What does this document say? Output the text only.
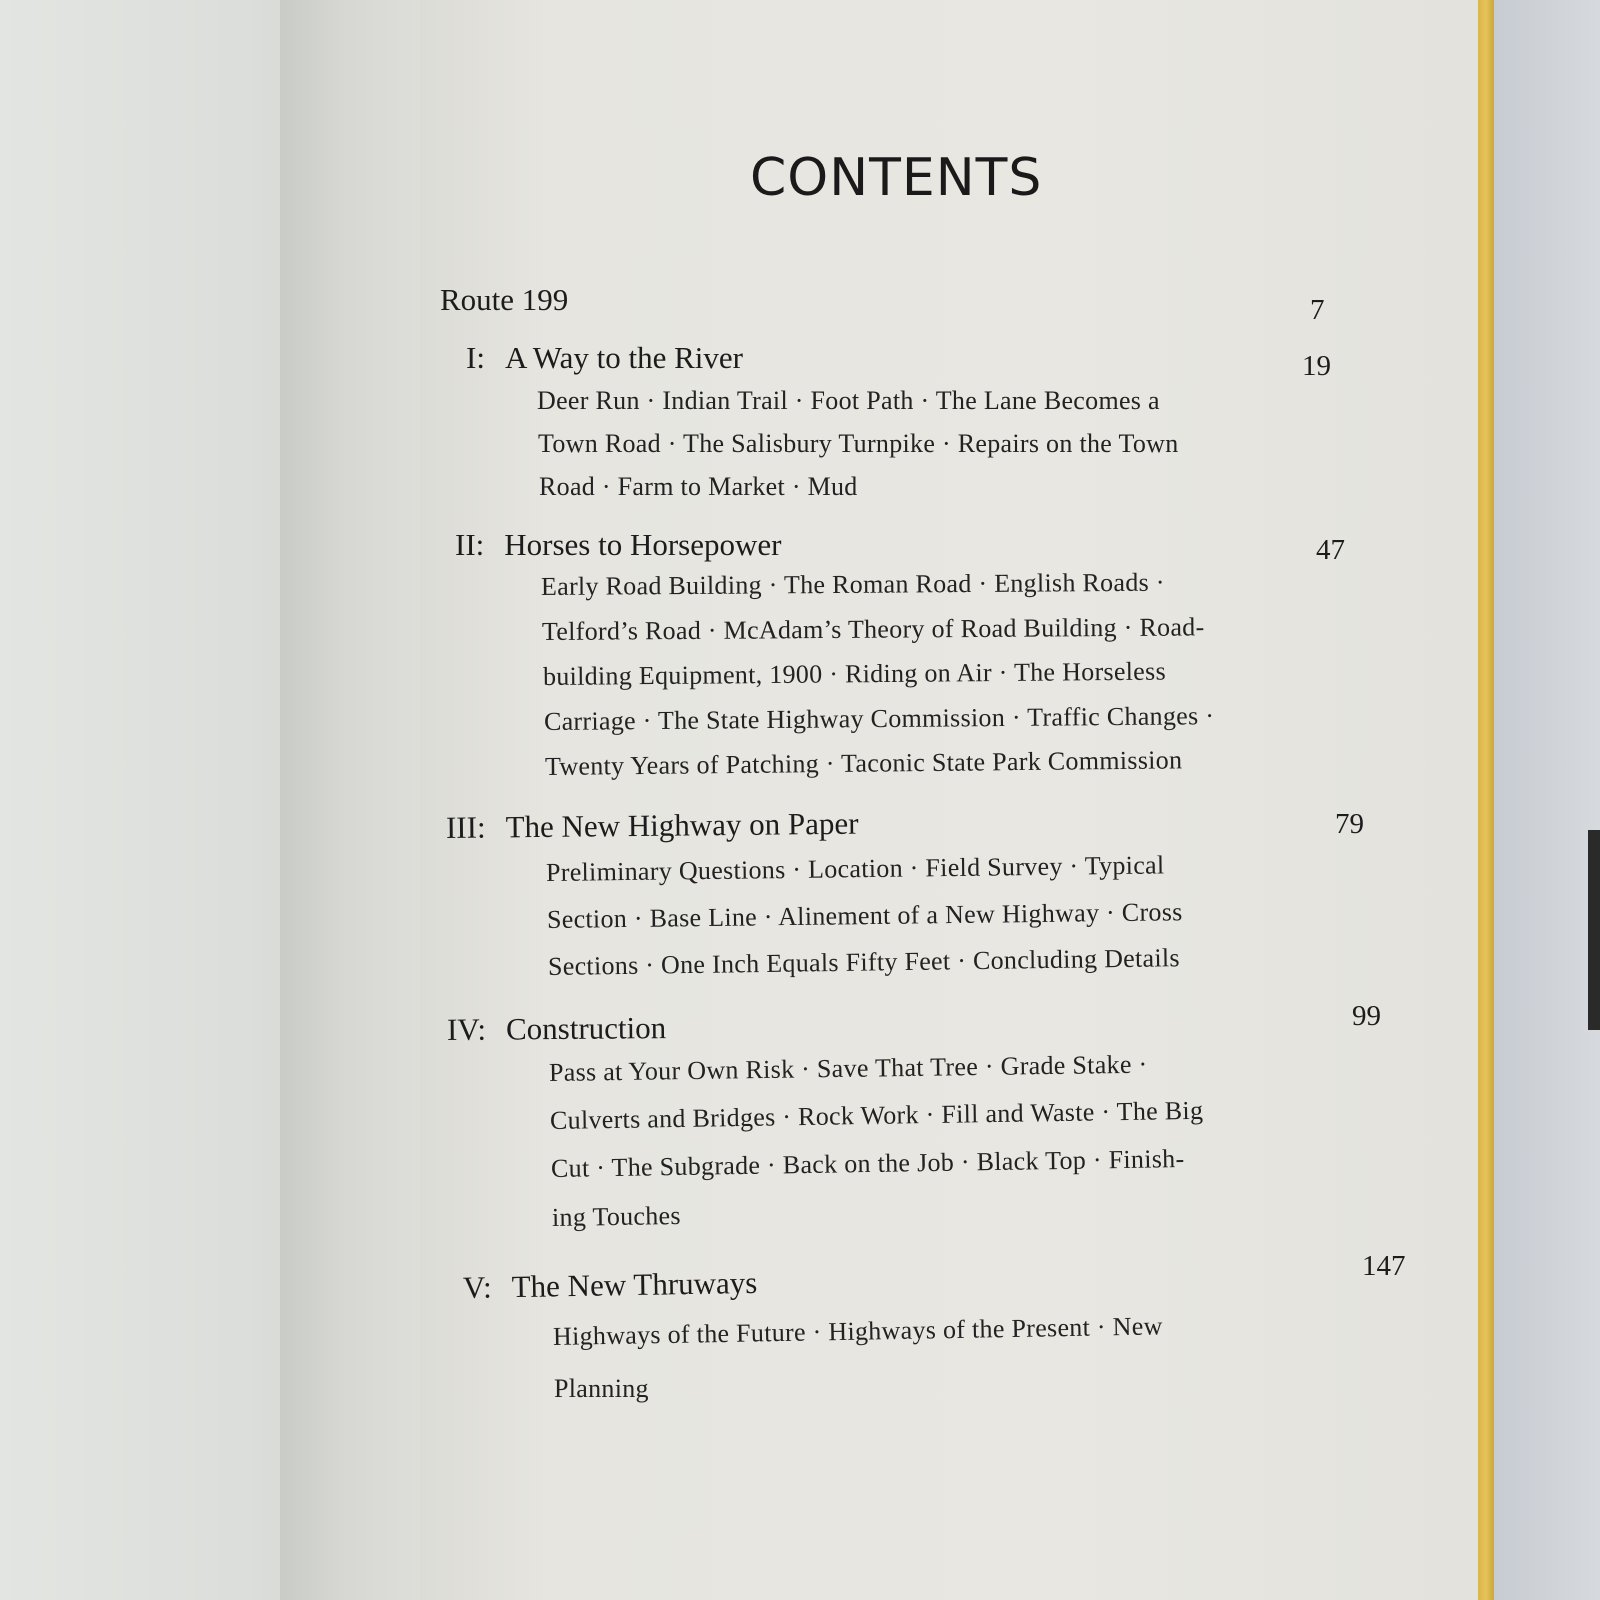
CONTENTS
Route 199	7
I: A Way to the River	19
Deer Run · Indian Trail · Foot Path · The Lane Becomes a
Town Road · The Salisbury Turnpike · Repairs on the Town
Road · Farm to Market · Mud
II: Horses to Horsepower	47
Early Road Building · The Roman Road · English Roads ·
Telford’s Road · McAdam’s Theory of Road Building · Road-
building Equipment, 1900 · Riding on Air · The Horseless
Carriage · The State Highway Commission · Traffic Changes ·
Twenty Years of Patching · Taconic State Park Commission
III: The New Highway on Paper	79
Preliminary Questions · Location · Field Survey · Typical
Section · Base Line · Alinement of a New Highway · Cross
Sections · One Inch Equals Fifty Feet · Concluding Details
IV: Construction	99
Pass at Your Own Risk · Save That Tree · Grade Stake ·
Culverts and Bridges · Rock Work · Fill and Waste · The Big
Cut · The Subgrade · Back on the Job · Black Top · Finish-
ing Touches
V: The New Thruways	147
Highways of the Future · Highways of the Present · New
Planning
